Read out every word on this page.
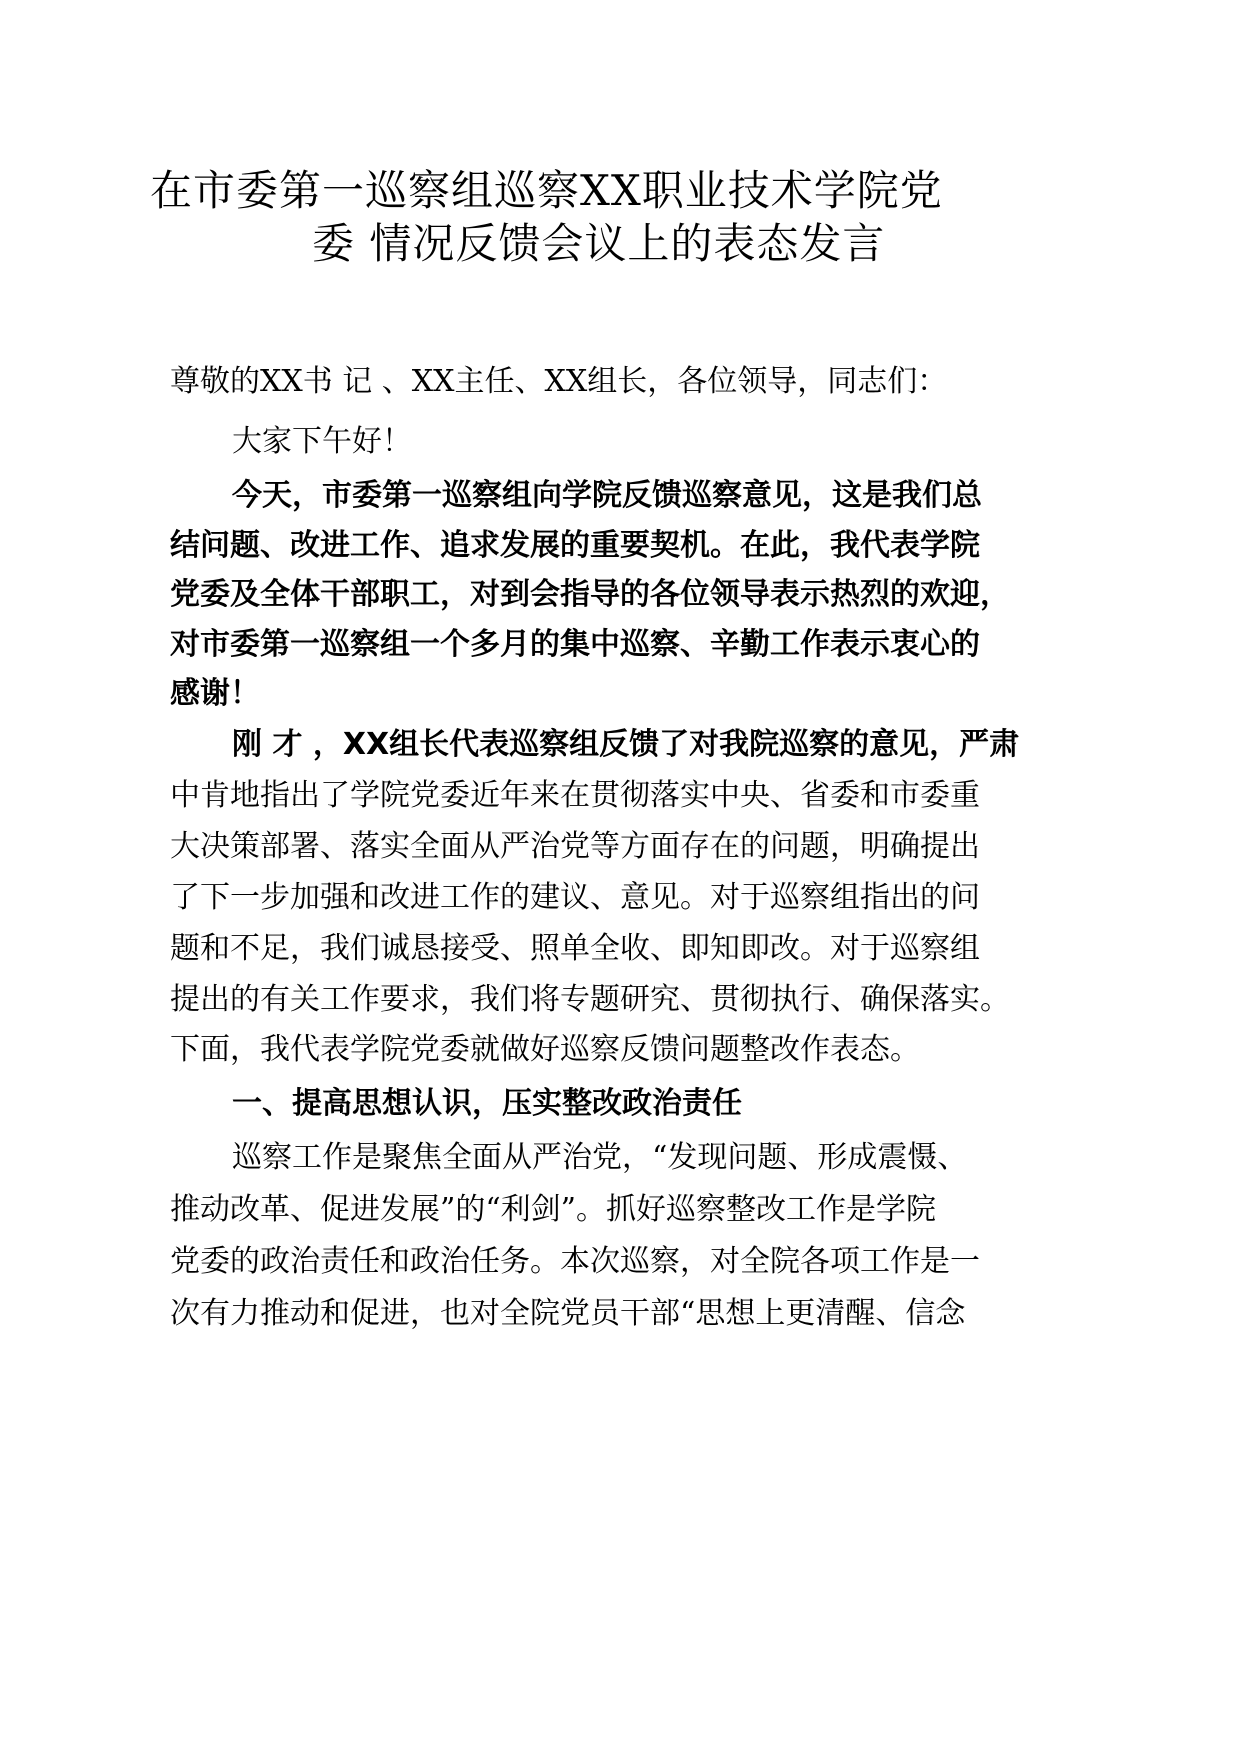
在市委第一巡察组巡察XX职业技术学院党
委 情况反馈会议上的表态发言
尊敬的XX书 记 、XX主任、XX组长，各位领导，同志们：
大家下午好！
今天，市委第一巡察组向学院反馈巡察意见，这是我们总
结问题、改进工作、追求发展的重要契机。在此，我代表学院
党委及全体干部职工，对到会指导的各位领导表示热烈的欢迎，
对市委第一巡察组一个多月的集中巡察、辛勤工作表示衷心的
感谢！
刚 才 ，XX组长代表巡察组反馈了对我院巡察的意见，严肃
中肯地指出了学院党委近年来在贯彻落实中央、省委和市委重
大决策部署、落实全面从严治党等方面存在的问题，明确提出
了下一步加强和改进工作的建议、意见。对于巡察组指出的问
题和不足，我们诚恳接受、照单全收、即知即改。对于巡察组
提出的有关工作要求，我们将专题研究、贯彻执行、确保落实。
下面，我代表学院党委就做好巡察反馈问题整改作表态。
一、提高思想认识，压实整改政治责任
巡察工作是聚焦全面从严治党，“发现问题、形成震慑、
推动改革、促进发展”的“利剑”。抓好巡察整改工作是学院
党委的政治责任和政治任务。本次巡察，对全院各项工作是一
次有力推动和促进，也对全院党员干部“思想上更清醒、信念
